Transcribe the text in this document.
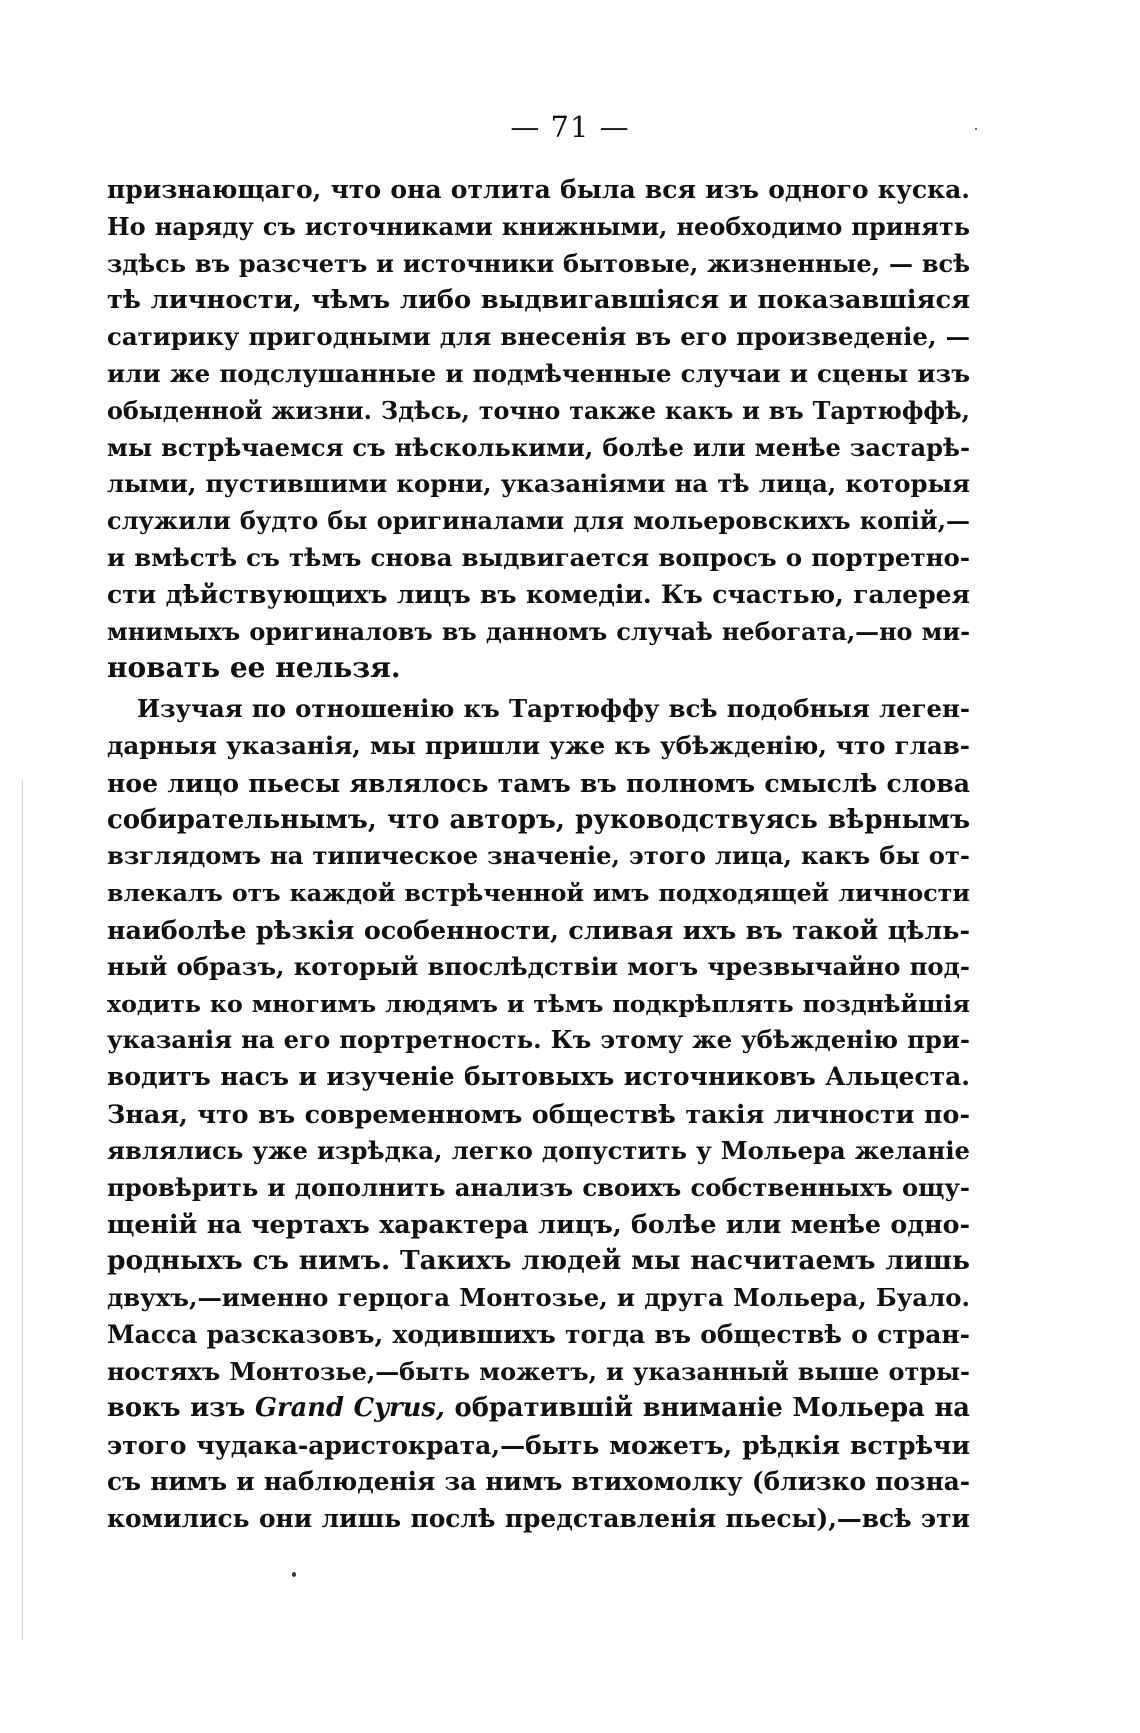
— 71 —
признающаго, что она отлита была вся изъ одного куска.
Но наряду съ источниками книжными, необходимо принять
здѣсь въ разсчетъ и источники бытовые, жизненные, — всѣ
тѣ личности, чѣмъ либо выдвигавшіяся и показавшіяся
сатирику пригодными для внесенія въ его произведеніе, —
или же подслушанные и подмѣченные случаи и сцены изъ
обыденной жизни. Здѣсь, точно также какъ и въ Тартюффѣ,
мы встрѣчаемся съ нѣсколькими, болѣе или менѣе застарѣ-
лыми, пустившими корни, указаніями на тѣ лица, которыя
служили будто бы оригиналами для мольеровскихъ копій,—
и вмѣстѣ съ тѣмъ снова выдвигается вопросъ о портретно-
сти дѣйствующихъ лицъ въ комедіи. Къ счастью, галерея
мнимыхъ оригиналовъ въ данномъ случаѣ небогата,—но ми-
новать ее нельзя.
Изучая по отношенію къ Тартюффу всѣ подобныя леген-
дарныя указанія, мы пришли уже къ убѣжденію, что глав-
ное лицо пьесы являлось тамъ въ полномъ смыслѣ слова
собирательнымъ, что авторъ, руководствуясь вѣрнымъ
взглядомъ на типическое значеніе, этого лица, какъ бы от-
влекалъ отъ каждой встрѣченной имъ подходящей личности
наиболѣе рѣзкія особенности, сливая ихъ въ такой цѣль-
ный образъ, который впослѣдствіи могъ чрезвычайно под-
ходить ко многимъ людямъ и тѣмъ подкрѣплять позднѣйшія
указанія на его портретность. Къ этому же убѣжденію при-
водитъ насъ и изученіе бытовыхъ источниковъ Альцеста.
Зная, что въ современномъ обществѣ такія личности по-
являлись уже изрѣдка, легко допустить у Мольера желаніе
провѣрить и дополнить анализъ своихъ собственныхъ ощу-
щеній на чертахъ характера лицъ, болѣе или менѣе одно-
родныхъ съ нимъ. Такихъ людей мы насчитаемъ лишь
двухъ,—именно герцога Монтозье, и друга Мольера, Буало.
Масса разсказовъ, ходившихъ тогда въ обществѣ о стран-
ностяхъ Монтозье,—быть можетъ, и указанный выше отры-
вокъ изъ Grand Cyrus, обратившій вниманіе Мольера на
этого чудака-аристократа,—быть можетъ, рѣдкія встрѣчи
съ нимъ и наблюденія за нимъ втихомолку (близко позна-
комились они лишь послѣ представленія пьесы),—всѣ эти
